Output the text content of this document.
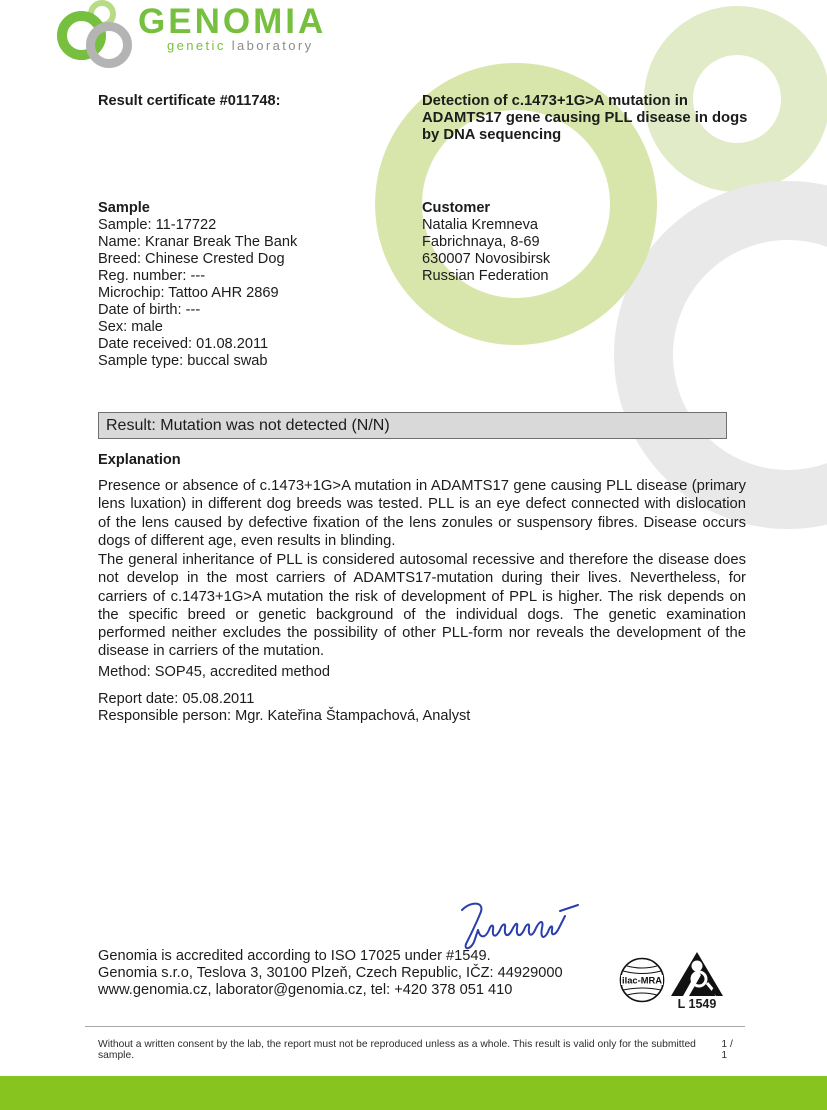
GENOMIA
genetic laboratory
Result certificate #011748:	Detection of c.1473+1G>A mutation in
ADAMTS17 gene causing PLL disease in dogs
by DNA sequencing
Sample
Sample: 11-17722
Name: Kranar Break The Bank
Breed: Chinese Crested Dog
Reg. number: ---
Microchip: Tattoo AHR 2869
Date of birth: ---
Sex: male
Date received: 01.08.2011
Sample type: buccal swab
Customer
Natalia Kremneva
Fabrichnaya, 8-69
630007 Novosibirsk
Russian Federation
Result: Mutation was not detected (N/N)
Explanation
Presence or absence of c.1473+1G>A mutation in ADAMTS17 gene causing PLL disease (primary lens luxation) in different dog breeds was tested. PLL is an eye defect connected with dislocation of the lens caused by defective fixation of the lens zonules or suspensory fibres. Disease occurs dogs of different age, even results in blinding.
The general inheritance of PLL is considered autosomal recessive and therefore the disease does not develop in the most carriers of ADAMTS17-mutation during their lives. Nevertheless, for carriers of c.1473+1G>A mutation the risk of development of PPL is higher. The risk depends on the specific breed or genetic background of the individual dogs. The genetic examination performed neither excludes the possibility of other PLL-form nor reveals the development of the disease in carriers of the mutation.
Method: SOP45, accredited method
Report date: 05.08.2011
Responsible person: Mgr. Kateřina Štampachová, Analyst
Genomia is accredited according to ISO 17025 under #1549.
Genomia s.r.o, Teslova 3, 30100 Plzeň, Czech Republic, IČZ: 44929000
www.genomia.cz, laborator@genomia.cz, tel: +420 378 051 410
ilac-MRA
L 1549
Without a written consent by the lab, the report must not be reproduced unless as a whole. This result is valid only for the submitted sample.
1 / 1
